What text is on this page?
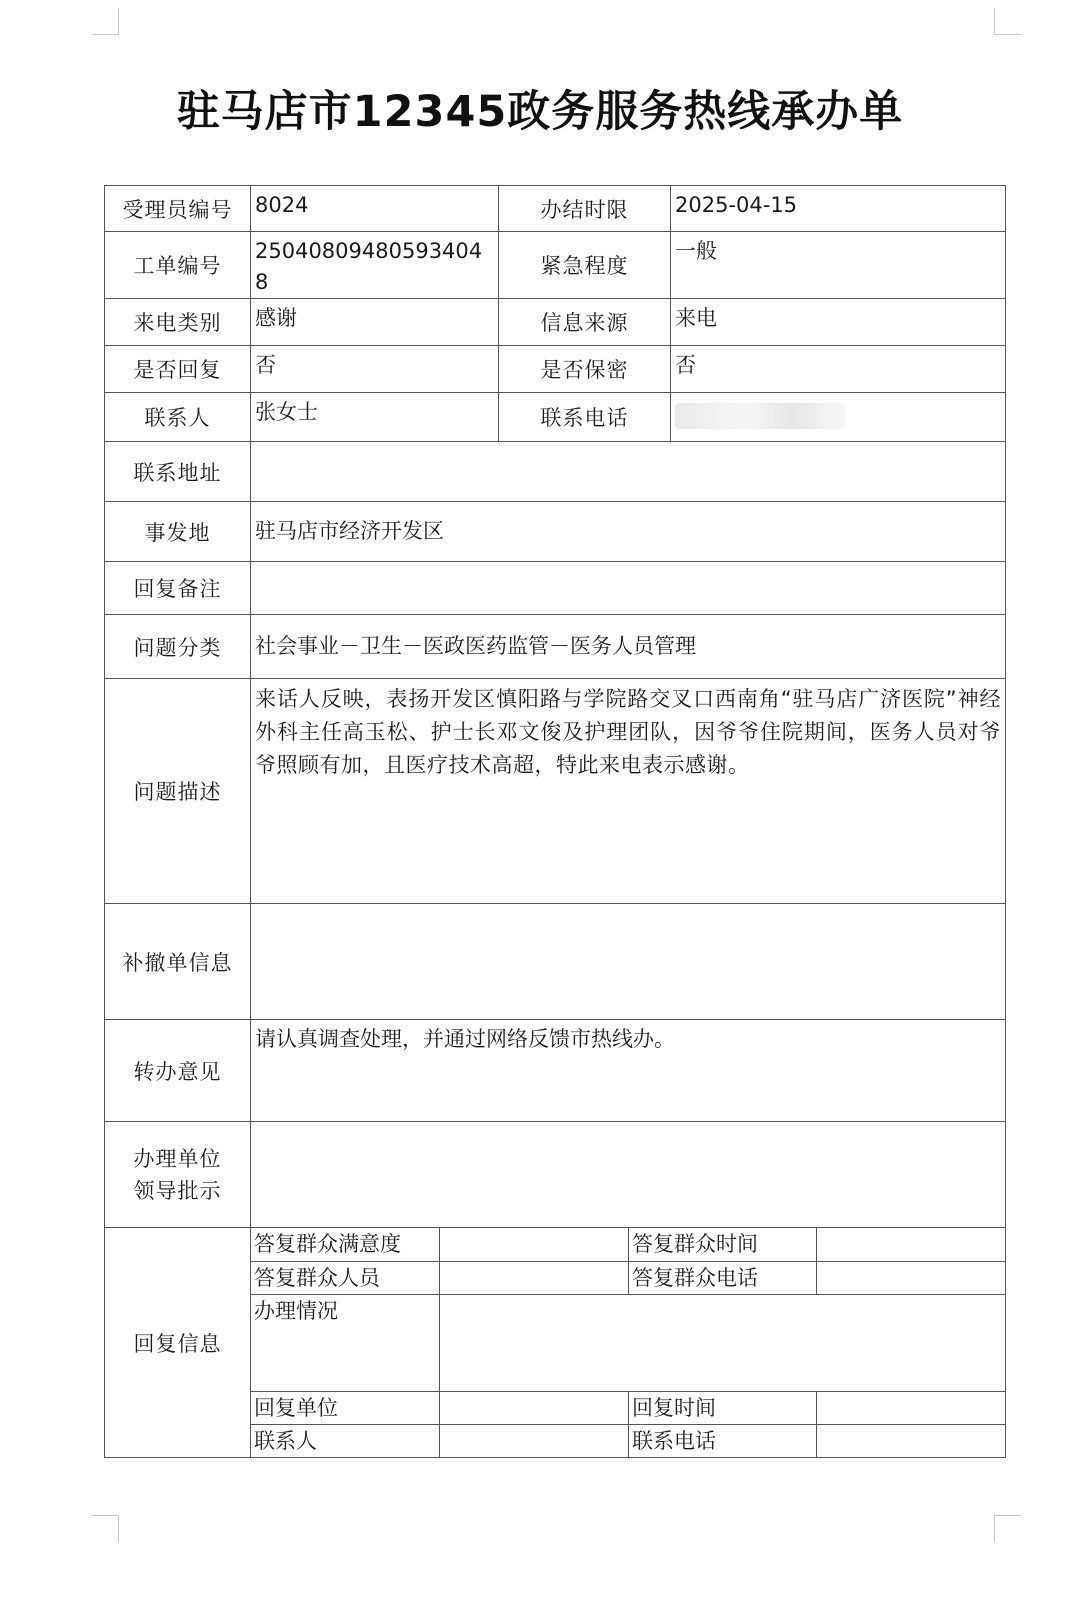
驻马店市12345政务服务热线承办单
受理员编号	8024	办结时限	2025-04-15
工单编号	250408094805934048	紧急程度	一般
来电类别	感谢	信息来源	来电
是否回复	否	是否保密	否
联系人	张女士	联系电话	
联系地址	
事发地	驻马店市经济开发区
回复备注	
问题分类	社会事业－卫生－医政医药监管－医务人员管理
问题描述	来话人反映，表扬开发区慎阳路与学院路交叉口西南角“驻马店广济医院”神经外科主任高玉松、护士长邓文俊及护理团队，因爷爷住院期间，医务人员对爷爷照顾有加，且医疗技术高超，特此来电表示感谢。
补撤单信息	
转办意见	请认真调查处理，并通过网络反馈市热线办。

办理单位
领导批示

回复信息	
答复群众满意度		答复群众时间	
答复群众人员		答复群众电话	
办理情况	
回复单位		回复时间	
联系人		联系电话	
